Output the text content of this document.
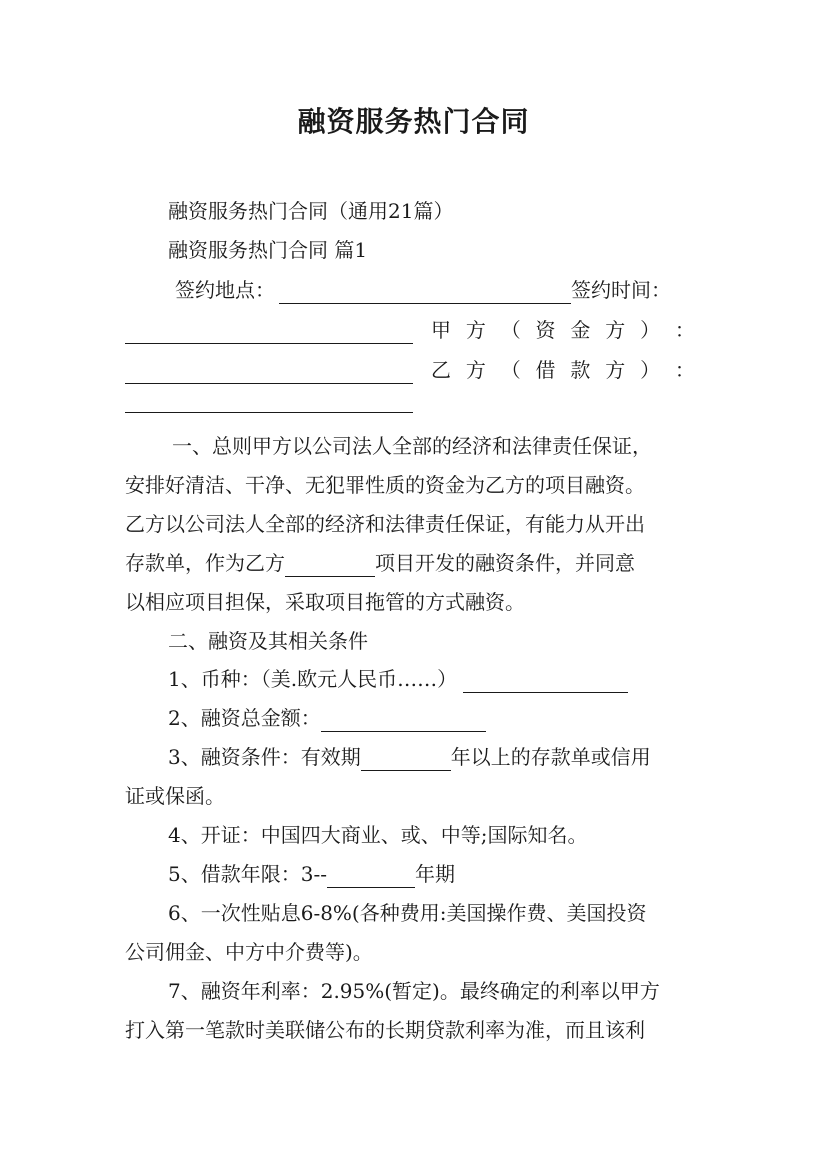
融资服务热门合同
融资服务热门合同（通用21篇）
融资服务热门合同 篇1
签约地点：	签约时间：
甲 方 （ 资 金 方 ） ：
乙 方 （ 借 款 方 ） ：
一、总则甲方以公司法人全部的经济和法律责任保证，
安排好清洁、干净、无犯罪性质的资金为乙方的项目融资。
乙方以公司法人全部的经济和法律责任保证，有能力从开出
存款单，作为乙方	项目开发的融资条件，并同意
以相应项目担保，采取项目拖管的方式融资。
二、融资及其相关条件
1、币种：（美.欧元人民币……）
2、融资总金额：
3、融资条件：有效期	年以上的存款单或信用
证或保函。
4、开证：中国四大商业、或、中等;国际知名。
5、借款年限：3--	年期
6、一次性贴息6-8%(各种费用:美国操作费、美国投资
公司佣金、中方中介费等)。
7、融资年利率：2.95%(暂定)。最终确定的利率以甲方
打入第一笔款时美联储公布的长期贷款利率为准，而且该利
